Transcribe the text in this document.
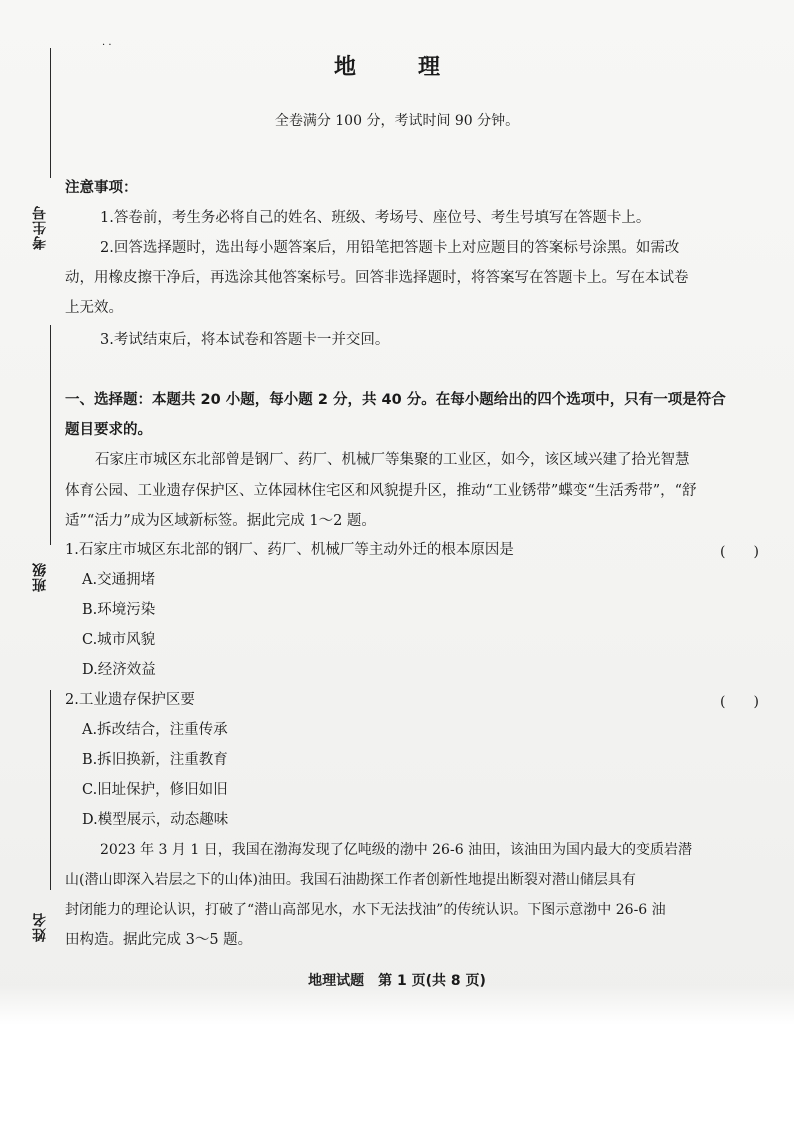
考生号
班级
姓名
· ·
地　理
全卷满分 100 分，考试时间 90 分钟。
注意事项：
1.答卷前，考生务必将自己的姓名、班级、考场号、座位号、考生号填写在答题卡上。
2.回答选择题时，选出每小题答案后，用铅笔把答题卡上对应题目的答案标号涂黑。如需改
动，用橡皮擦干净后，再选涂其他答案标号。回答非选择题时，将答案写在答题卡上。写在本试卷
上无效。
3.考试结束后，将本试卷和答题卡一并交回。
一、选择题：本题共 20 小题，每小题 2 分，共 40 分。在每小题给出的四个选项中，只有一项是符合
题目要求的。
石家庄市城区东北部曾是钢厂、药厂、机械厂等集聚的工业区，如今，该区域兴建了拾光智慧
体育公园、工业遗存保护区、立体园林住宅区和风貌提升区，推动“工业锈带”蝶变“生活秀带”，“舒
适”“活力”成为区域新标签。据此完成 1～2 题。
1.石家庄市城区东北部的钢厂、药厂、机械厂等主动外迁的根本原因是	(　　)
A.交通拥堵
B.环境污染
C.城市风貌
D.经济效益
2.工业遗存保护区要	(　　)
A.拆改结合，注重传承
B.拆旧换新，注重教育
C.旧址保护，修旧如旧
D.模型展示，动态趣味
2023 年 3 月 1 日，我国在渤海发现了亿吨级的渤中 26-6 油田，该油田为国内最大的变质岩潜
山(潜山即深入岩层之下的山体)油田。我国石油勘探工作者创新性地提出断裂对潜山储层具有
封闭能力的理论认识，打破了“潜山高部见水，水下无法找油”的传统认识。下图示意渤中 26-6 油
田构造。据此完成 3～5 题。
地理试题　第 1 页(共 8 页)
